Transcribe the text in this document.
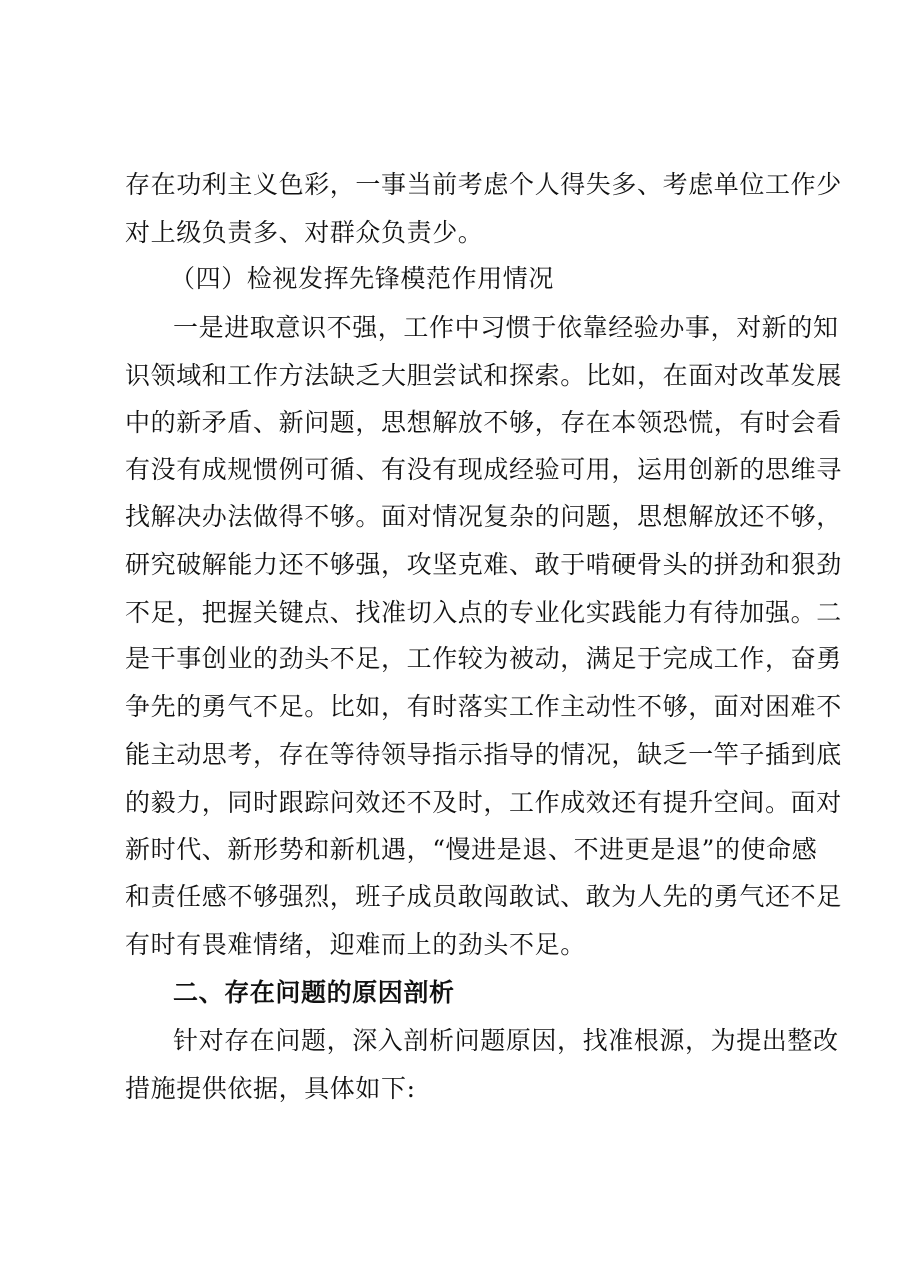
存在功利主义色彩，一事当前考虑个人得失多、考虑单位工作少
对上级负责多、对群众负责少。
（四）检视发挥先锋模范作用情况
一是进取意识不强，工作中习惯于依靠经验办事，对新的知
识领域和工作方法缺乏大胆尝试和探索。比如，在面对改革发展
中的新矛盾、新问题，思想解放不够，存在本领恐慌，有时会看
有没有成规惯例可循、有没有现成经验可用，运用创新的思维寻
找解决办法做得不够。面对情况复杂的问题，思想解放还不够，
研究破解能力还不够强，攻坚克难、敢于啃硬骨头的拼劲和狠劲
不足，把握关键点、找准切入点的专业化实践能力有待加强。二
是干事创业的劲头不足，工作较为被动，满足于完成工作，奋勇
争先的勇气不足。比如，有时落实工作主动性不够，面对困难不
能主动思考，存在等待领导指示指导的情况，缺乏一竿子插到底
的毅力，同时跟踪问效还不及时，工作成效还有提升空间。面对
新时代、新形势和新机遇，“慢进是退、不进更是退”的使命感
和责任感不够强烈，班子成员敢闯敢试、敢为人先的勇气还不足
有时有畏难情绪，迎难而上的劲头不足。
二、存在问题的原因剖析
针对存在问题，深入剖析问题原因，找准根源，为提出整改
措施提供依据，具体如下:
